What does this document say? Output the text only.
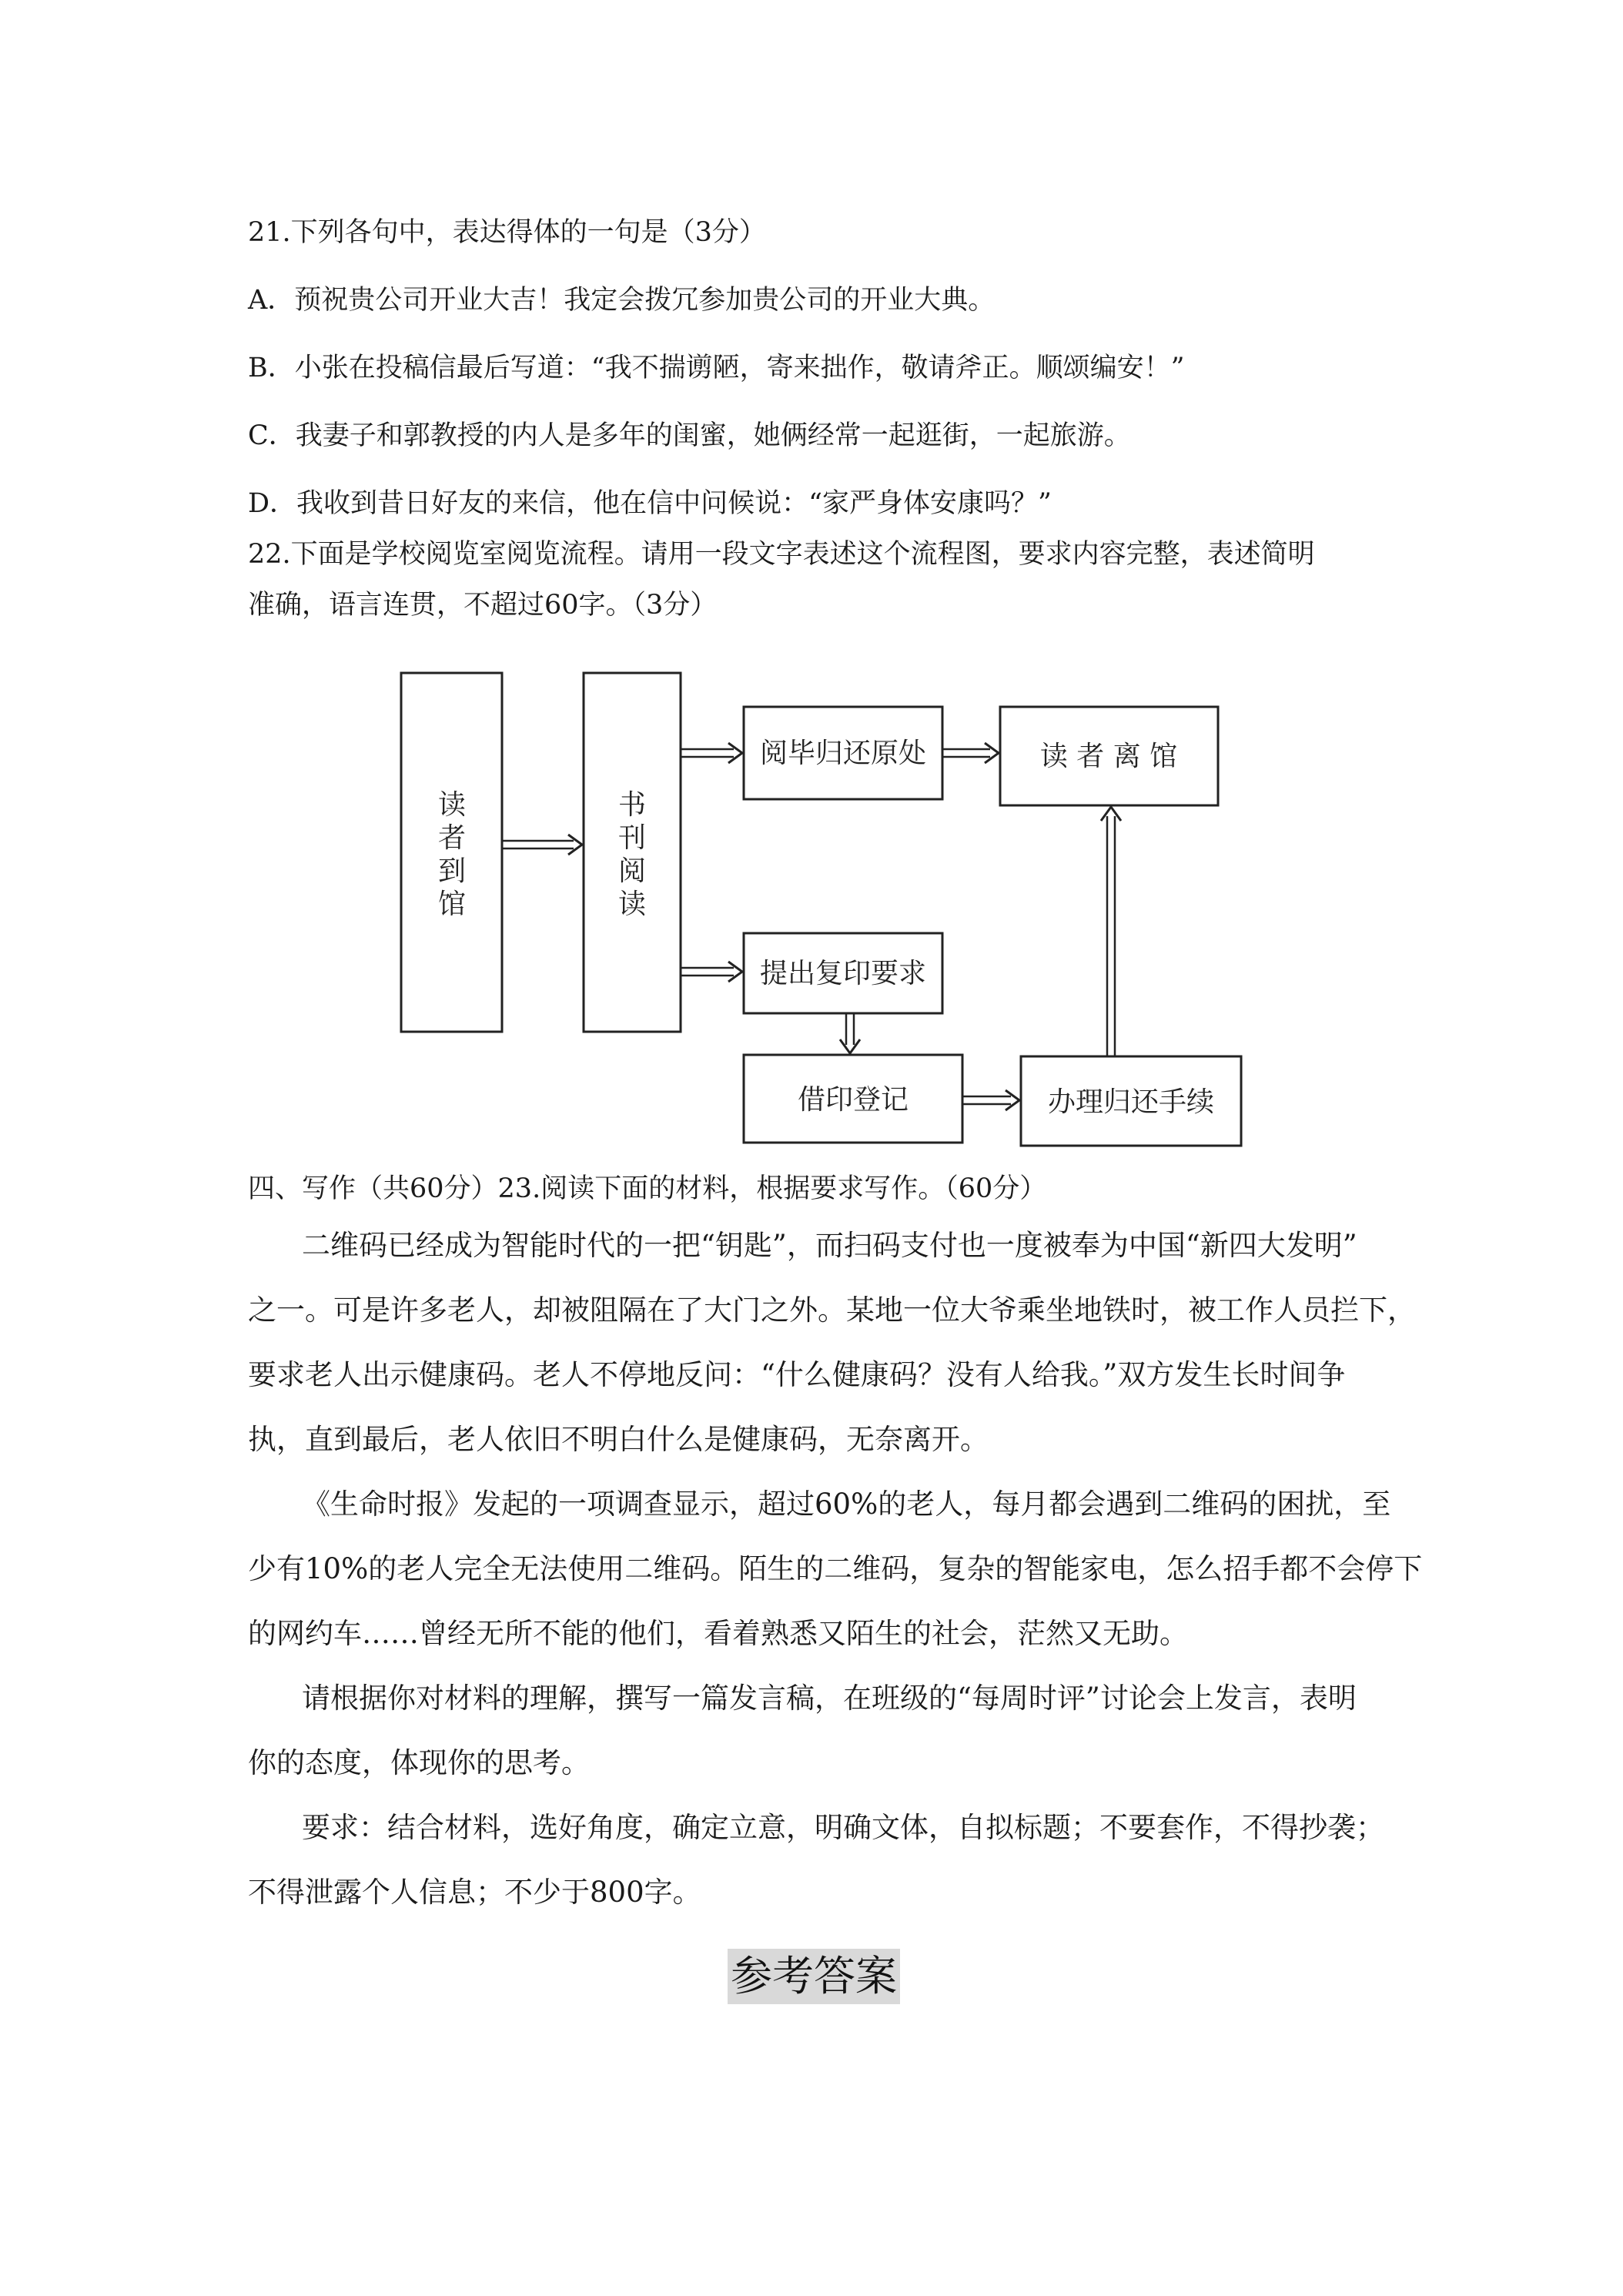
21.下列各句中，表达得体的一句是（3分）
A．预祝贵公司开业大吉！我定会拨冗参加贵公司的开业大典。
B．小张在投稿信最后写道：“我不揣谫陋，寄来拙作，敬请斧正。顺颂编安！”
C．我妻子和郭教授的内人是多年的闺蜜，她俩经常一起逛街，一起旅游。
D．我收到昔日好友的来信，他在信中问候说：“家严身体安康吗？”
22.下面是学校阅览室阅览流程。请用一段文字表述这个流程图，要求内容完整，表述简明
准确，语言连贯，不超过60字。（3分）
读
者
到
馆
书
刊
阅
读
阅毕归还原处	读 者 离 馆
提出复印要求
借印登记	办理归还手续
四、写作（共60分）23.阅读下面的材料，根据要求写作。（60分）
二维码已经成为智能时代的一把“钥匙”，而扫码支付也一度被奉为中国“新四大发明”
之一。可是许多老人，却被阻隔在了大门之外。某地一位大爷乘坐地铁时，被工作人员拦下，
要求老人出示健康码。老人不停地反问：“什么健康码？没有人给我。”双方发生长时间争
执，直到最后，老人依旧不明白什么是健康码，无奈离开。
《生命时报》发起的一项调查显示，超过60%的老人，每月都会遇到二维码的困扰，至
少有10%的老人完全无法使用二维码。陌生的二维码，复杂的智能家电，怎么招手都不会停下
的网约车……曾经无所不能的他们，看着熟悉又陌生的社会，茫然又无助。
请根据你对材料的理解，撰写一篇发言稿，在班级的“每周时评”讨论会上发言，表明
你的态度，体现你的思考。
要求：结合材料，选好角度，确定立意，明确文体，自拟标题；不要套作，不得抄袭；
不得泄露个人信息；不少于800字。
参考答案
